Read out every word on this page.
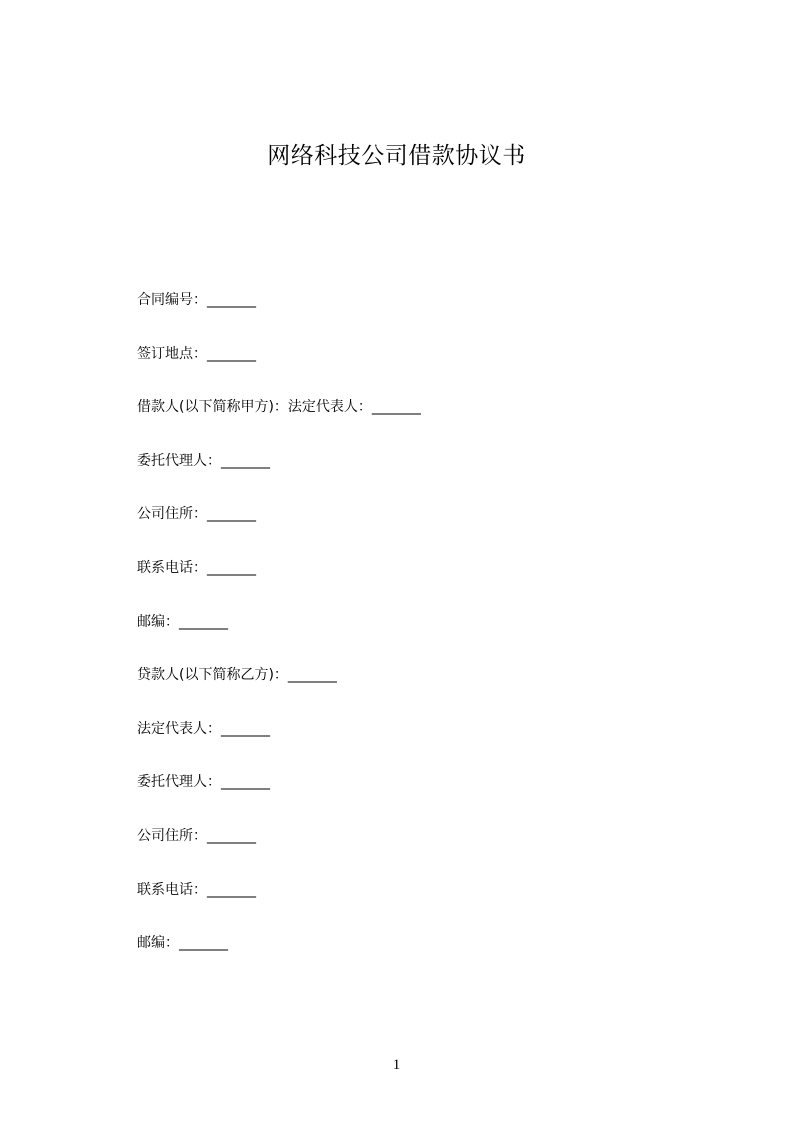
网络科技公司借款协议书
合同编号：_______
签订地点：_______
借款人(以下简称甲方)：法定代表人：_______
委托代理人：_______
公司住所：_______
联系电话：_______
邮编：_______
贷款人(以下简称乙方)：_______
法定代表人：_______
委托代理人：_______
公司住所：_______
联系电话：_______
邮编：_______
1
